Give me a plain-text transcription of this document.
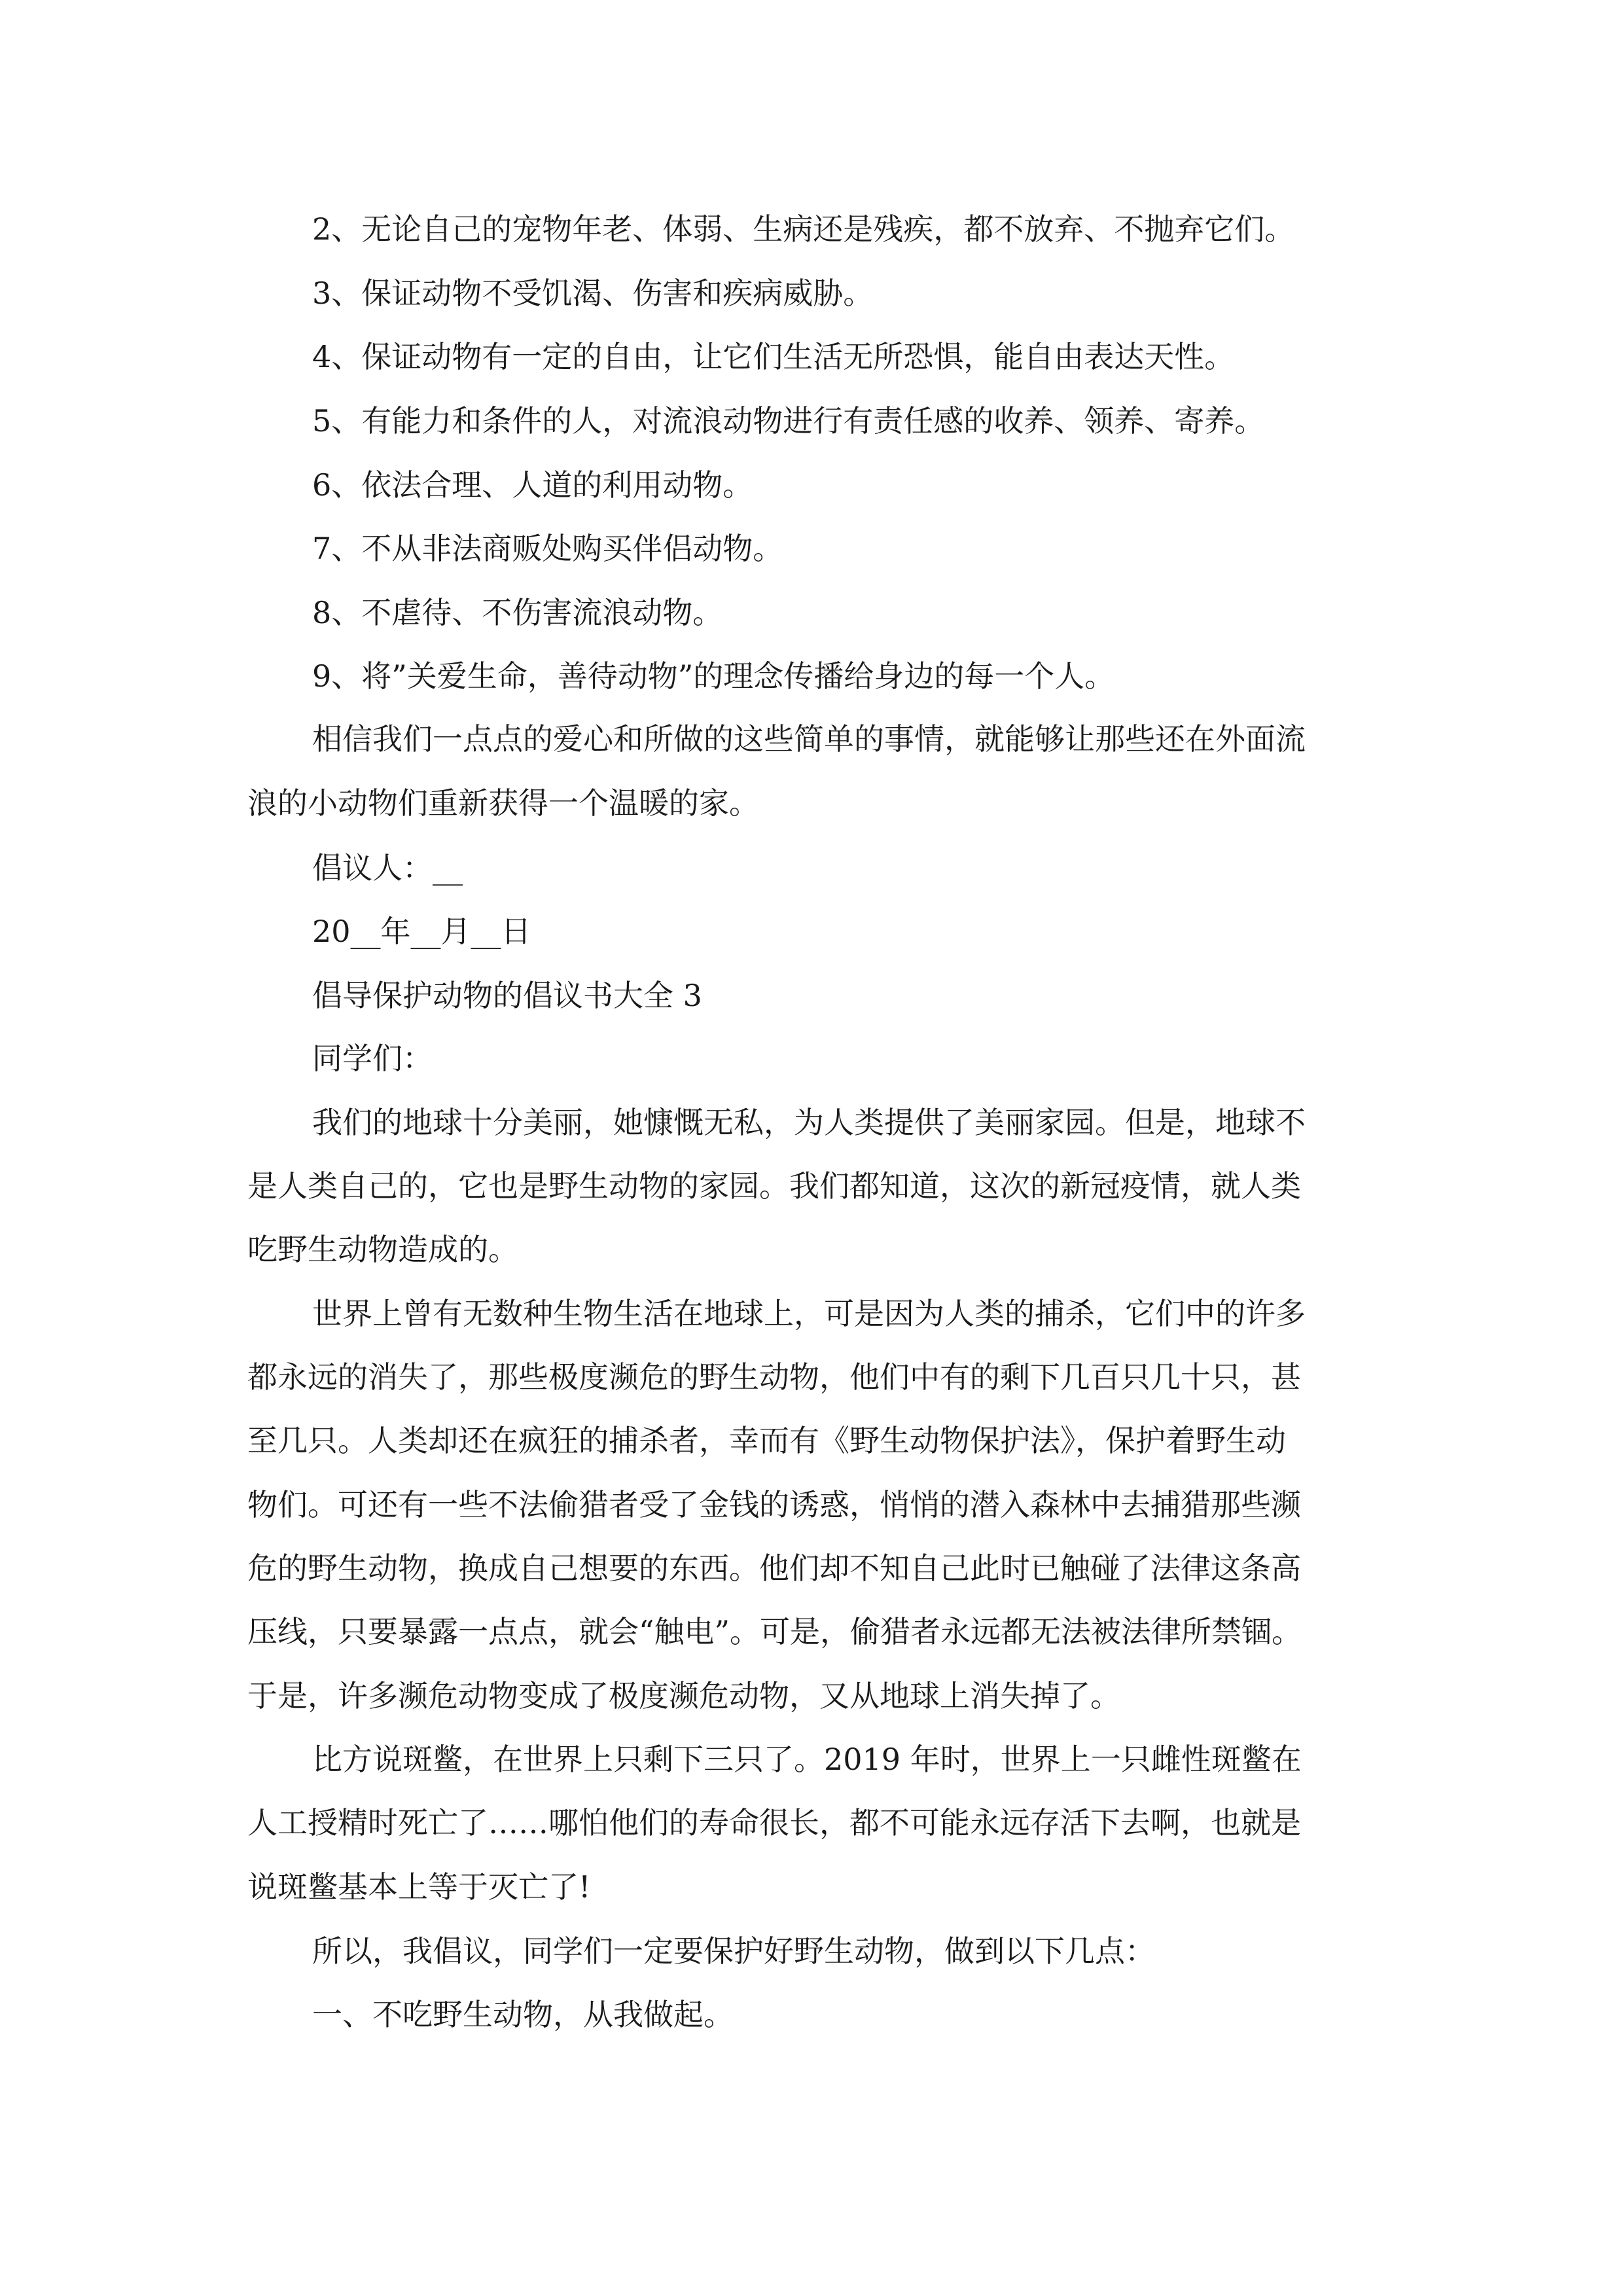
2、无论自己的宠物年老、体弱、生病还是残疾，都不放弃、不抛弃它们。
3、保证动物不受饥渴、伤害和疾病威胁。
4、保证动物有一定的自由，让它们生活无所恐惧，能自由表达天性。
5、有能力和条件的人，对流浪动物进行有责任感的收养、领养、寄养。
6、依法合理、人道的利用动物。
7、不从非法商贩处购买伴侣动物。
8、不虐待、不伤害流浪动物。
9、将”关爱生命，善待动物”的理念传播给身边的每一个人。
相信我们一点点的爱心和所做的这些简单的事情，就能够让那些还在外面流
浪的小动物们重新获得一个温暖的家。
倡议人：__
20__年__月__日
倡导保护动物的倡议书大全 3
同学们：
我们的地球十分美丽，她慷慨无私，为人类提供了美丽家园。但是，地球不
是人类自己的，它也是野生动物的家园。我们都知道，这次的新冠疫情，就人类
吃野生动物造成的。
世界上曾有无数种生物生活在地球上，可是因为人类的捕杀，它们中的许多
都永远的消失了，那些极度濒危的野生动物，他们中有的剩下几百只几十只，甚
至几只。人类却还在疯狂的捕杀者，幸而有《野生动物保护法》，保护着野生动
物们。可还有一些不法偷猎者受了金钱的诱惑，悄悄的潜入森林中去捕猎那些濒
危的野生动物，换成自己想要的东西。他们却不知自己此时已触碰了法律这条高
压线，只要暴露一点点，就会“触电”。可是，偷猎者永远都无法被法律所禁锢。
于是，许多濒危动物变成了极度濒危动物，又从地球上消失掉了。
比方说斑鳖，在世界上只剩下三只了。2019 年时，世界上一只雌性斑鳖在
人工授精时死亡了……哪怕他们的寿命很长，都不可能永远存活下去啊，也就是
说斑鳖基本上等于灭亡了!
所以，我倡议，同学们一定要保护好野生动物，做到以下几点：
一、不吃野生动物，从我做起。
